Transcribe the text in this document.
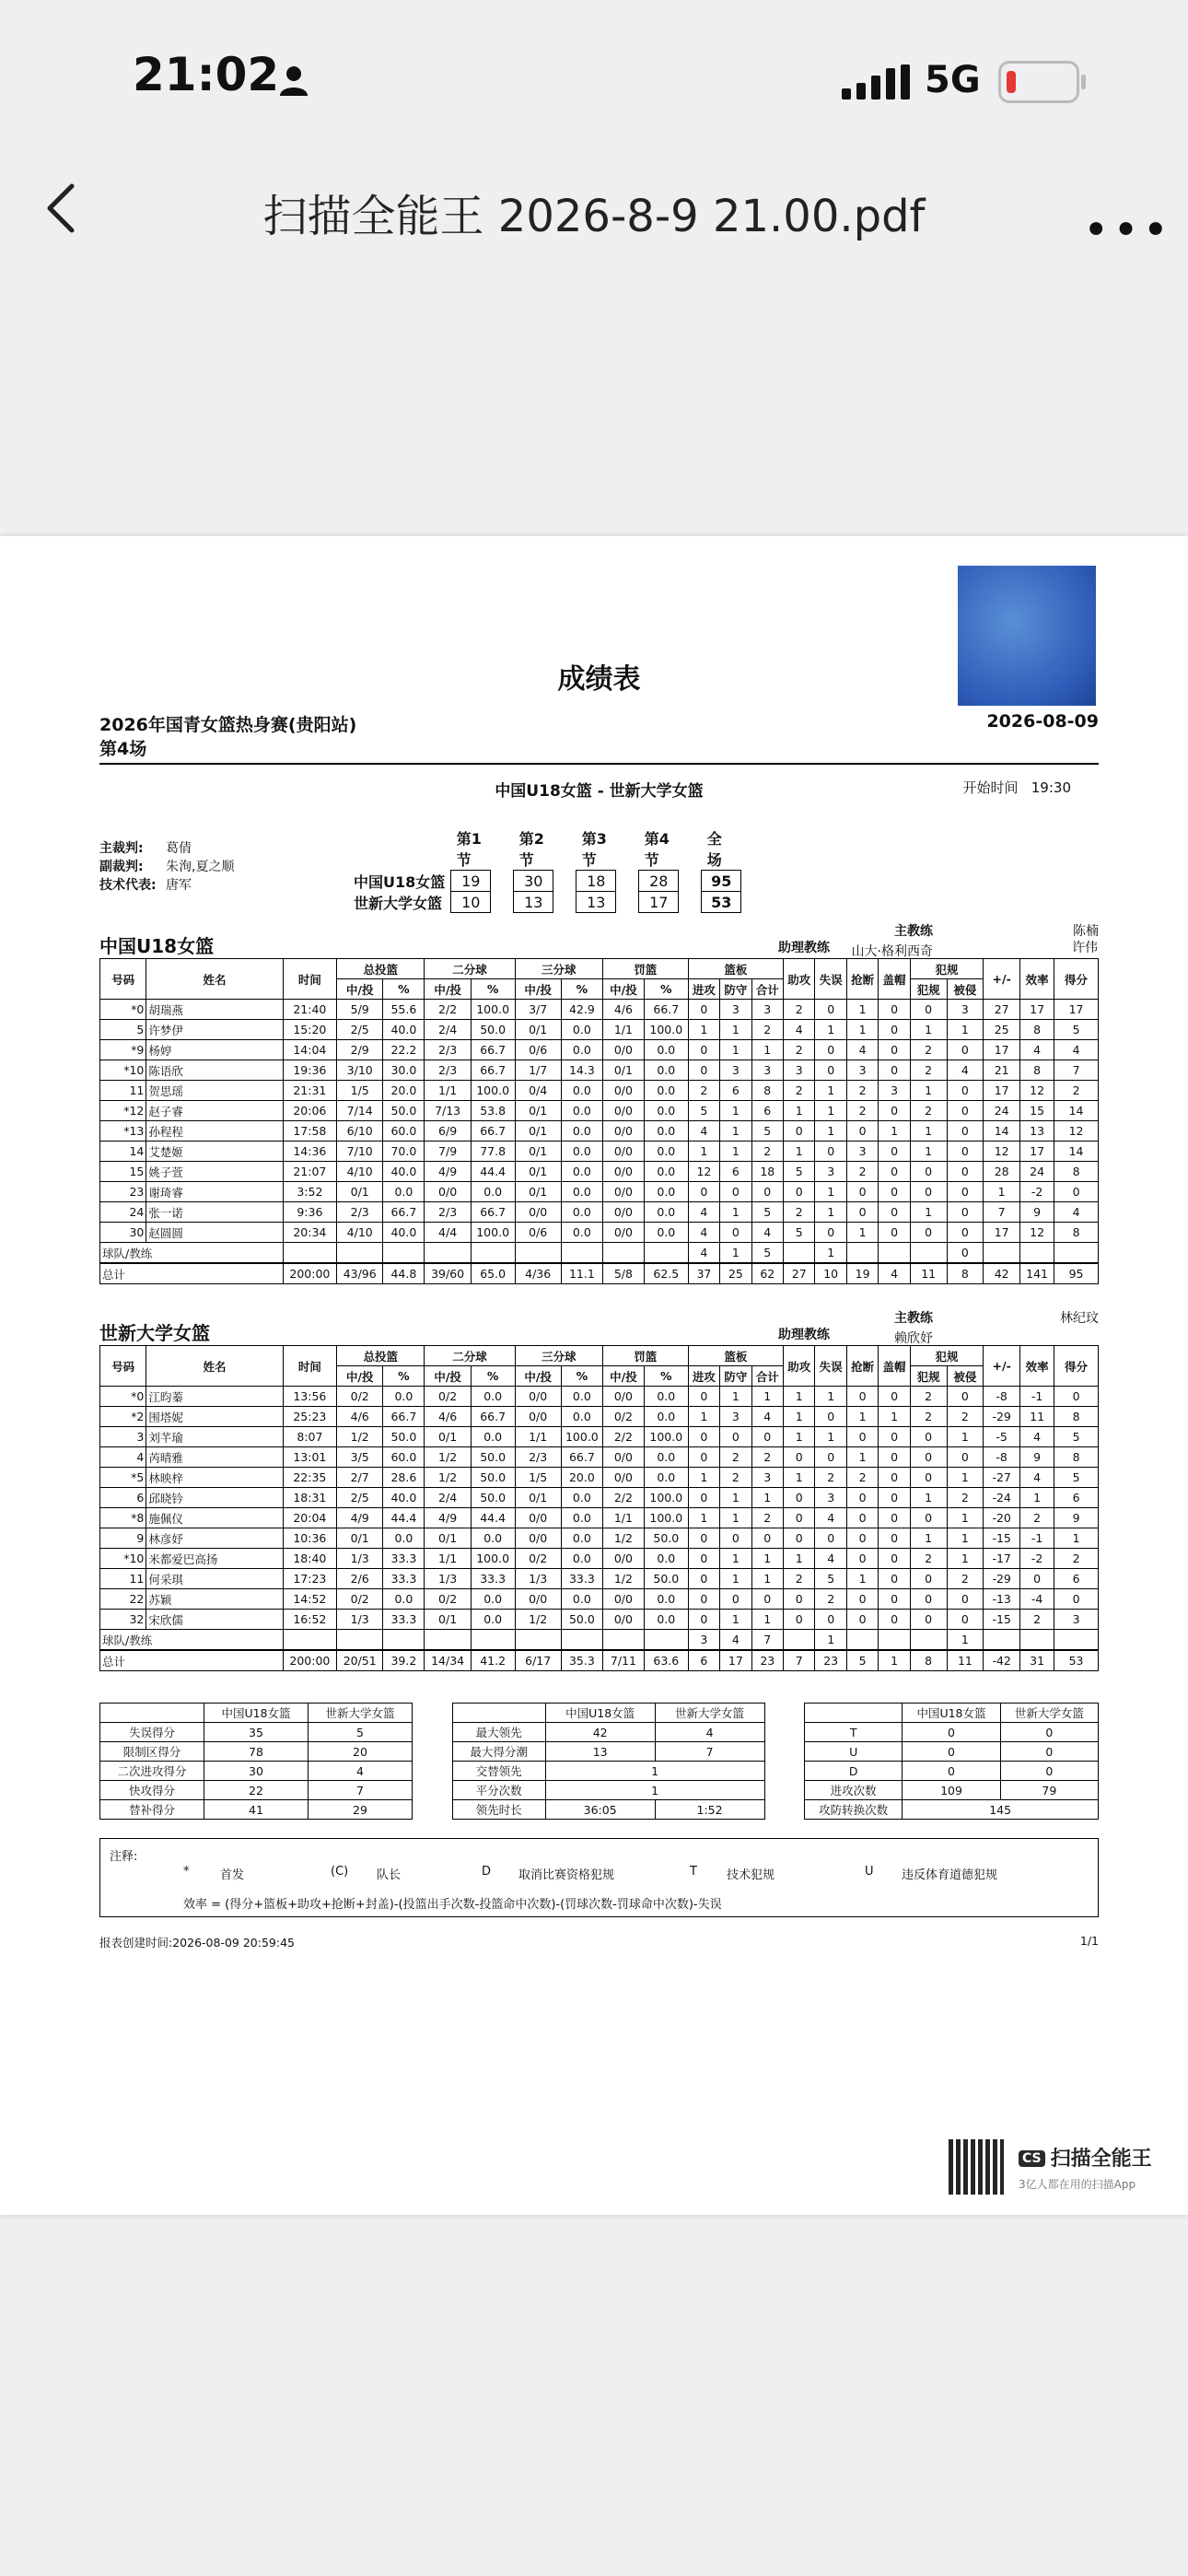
21:02	5G
扫描全能王 2026-8-9 21.00.pdf	•••
成绩表
2026年国青女篮热身赛(贵阳站)	2026-08-09
第4场
中国U18女篮 - 世新大学女篮	开始时间 19:30
主裁判: 葛倩
副裁判: 朱洵,夏之顺
技术代表: 唐军
	第1节		第2节		第3节		第4节		全场
中国U18女篮	19		30		18		28		95
世新大学女篮	10		13		13		17		53
中国U18女篮
主教练	陈楠
助理教练 山大·格利西奇	许伟
号码	姓名	时间	总投篮		二分球		三分球		罚篮		篮板			助攻	失误	抢断	盖帽	犯规		+/-	效率	得分
			中/投	%	中/投	%	中/投	%	中/投	%	进攻	防守	合计					犯规	被侵			
*0	胡瑞燕	21:40	5/9	55.6	2/2	100.0	3/7	42.9	4/6	66.7	0	3	3	2	0	1	0	0	3	27	17	17
5	许梦伊	15:20	2/5	40.0	2/4	50.0	0/1	0.0	1/1	100.0	1	1	2	4	1	1	0	1	1	25	8	5
*9	杨婷	14:04	2/9	22.2	2/3	66.7	0/6	0.0	0/0	0.0	0	1	1	2	0	4	0	2	0	17	4	4
*10	陈语欣	19:36	3/10	30.0	2/3	66.7	1/7	14.3	0/1	0.0	0	3	3	3	0	3	0	2	4	21	8	7
11	贺思瑶	21:31	1/5	20.0	1/1	100.0	0/4	0.0	0/0	0.0	2	6	8	2	1	2	3	1	0	17	12	2
*12	赵子睿	20:06	7/14	50.0	7/13	53.8	0/1	0.0	0/0	0.0	5	1	6	1	1	2	0	2	0	24	15	14
*13	孙程程	17:58	6/10	60.0	6/9	66.7	0/1	0.0	0/0	0.0	4	1	5	0	1	0	1	1	0	14	13	12
14	艾楚姬	14:36	7/10	70.0	7/9	77.8	0/1	0.0	0/0	0.0	1	1	2	1	0	3	0	1	0	12	17	14
15	姚子萱	21:07	4/10	40.0	4/9	44.4	0/1	0.0	0/0	0.0	12	6	18	5	3	2	0	0	0	28	24	8
23	谢琦睿	3:52	0/1	0.0	0/0	0.0	0/1	0.0	0/0	0.0	0	0	0	0	1	0	0	0	0	1	-2	0
24	张一诺	9:36	2/3	66.7	2/3	66.7	0/0	0.0	0/0	0.0	4	1	5	2	1	0	0	1	0	7	9	4
30	赵圆圆	20:34	4/10	40.0	4/4	100.0	0/6	0.0	0/0	0.0	4	0	4	5	0	1	0	0	0	17	12	8
球队/教练											4	1	5		1				0			
总计		200:00	43/96	44.8	39/60	65.0	4/36	11.1	5/8	62.5	37	25	62	27	10	19	4	11	8	42	141	95
世新大学女篮
主教练	林纪玟
助理教练	赖欣妤
号码	姓名	时间	总投篮		二分球		三分球		罚篮		篮板			助攻	失误	抢断	盖帽	犯规		+/-	效率	得分
			中/投	%	中/投	%	中/投	%	中/投	%	进攻	防守	合计					犯规	被侵			
*0	江昀蓁	13:56	0/2	0.0	0/2	0.0	0/0	0.0	0/0	0.0	0	1	1	1	1	0	0	2	0	-8	-1	0
*2	围塔妮	25:23	4/6	66.7	4/6	66.7	0/0	0.0	0/2	0.0	1	3	4	1	0	1	1	2	2	-29	11	8
3	刘芊瑜	8:07	1/2	50.0	0/1	0.0	1/1	100.0	2/2	100.0	0	0	0	1	1	0	0	0	1	-5	4	5
4	芮晴雅	13:01	3/5	60.0	1/2	50.0	2/3	66.7	0/0	0.0	0	2	2	0	0	1	0	0	0	-8	9	8
*5	林映梓	22:35	2/7	28.6	1/2	50.0	1/5	20.0	0/0	0.0	1	2	3	1	2	2	0	0	1	-27	4	5
6	邱晓钤	18:31	2/5	40.0	2/4	50.0	0/1	0.0	2/2	100.0	0	1	1	0	3	0	0	1	2	-24	1	6
*8	施佩仪	20:04	4/9	44.4	4/9	44.4	0/0	0.0	1/1	100.0	1	1	2	0	4	0	0	0	1	-20	2	9
9	林彦妤	10:36	0/1	0.0	0/1	0.0	0/0	0.0	1/2	50.0	0	0	0	0	0	0	0	1	1	-15	-1	1
*10	米都爱巴高扬	18:40	1/3	33.3	1/1	100.0	0/2	0.0	0/0	0.0	0	1	1	1	4	0	0	2	1	-17	-2	2
11	何采琪	17:23	2/6	33.3	1/3	33.3	1/3	33.3	1/2	50.0	0	1	1	2	5	1	0	0	2	-29	0	6
22	苏颖	14:52	0/2	0.0	0/2	0.0	0/0	0.0	0/0	0.0	0	0	0	0	2	0	0	0	0	-13	-4	0
32	宋欣儒	16:52	1/3	33.3	0/1	0.0	1/2	50.0	0/0	0.0	0	1	1	0	0	0	0	0	0	-15	2	3
球队/教练											3	4	7		1				1			
总计		200:00	20/51	39.2	14/34	41.2	6/17	35.3	7/11	63.6	6	17	23	7	23	5	1	8	11	-42	31	53
	中国U18女篮	世新大学女篮
失误得分	35	5
限制区得分	78	20
二次进攻得分	30	4
快攻得分	22	7
替补得分	41	29
	中国U18女篮	世新大学女篮
最大领先	42	4
最大得分潮	13	7
交替领先	1	
平分次数	1	
领先时长	36:05	1:52
	中国U18女篮	世新大学女篮
T	0	0
U	0	0
D	0	0
进攻次数	109	79
攻防转换次数	145	
注释:
*	首发	(C) 队长	D 取消比赛资格犯规	T 技术犯规	U 违反体育道德犯规
效率 = (得分+篮板+助攻+抢断+封盖)-(投篮出手次数-投篮命中次数)-(罚球次数-罚球命中次数)-失误
报表创建时间:2026-08-09 20:59:45	1/1
CS 扫描全能王
3亿人都在用的扫描App
